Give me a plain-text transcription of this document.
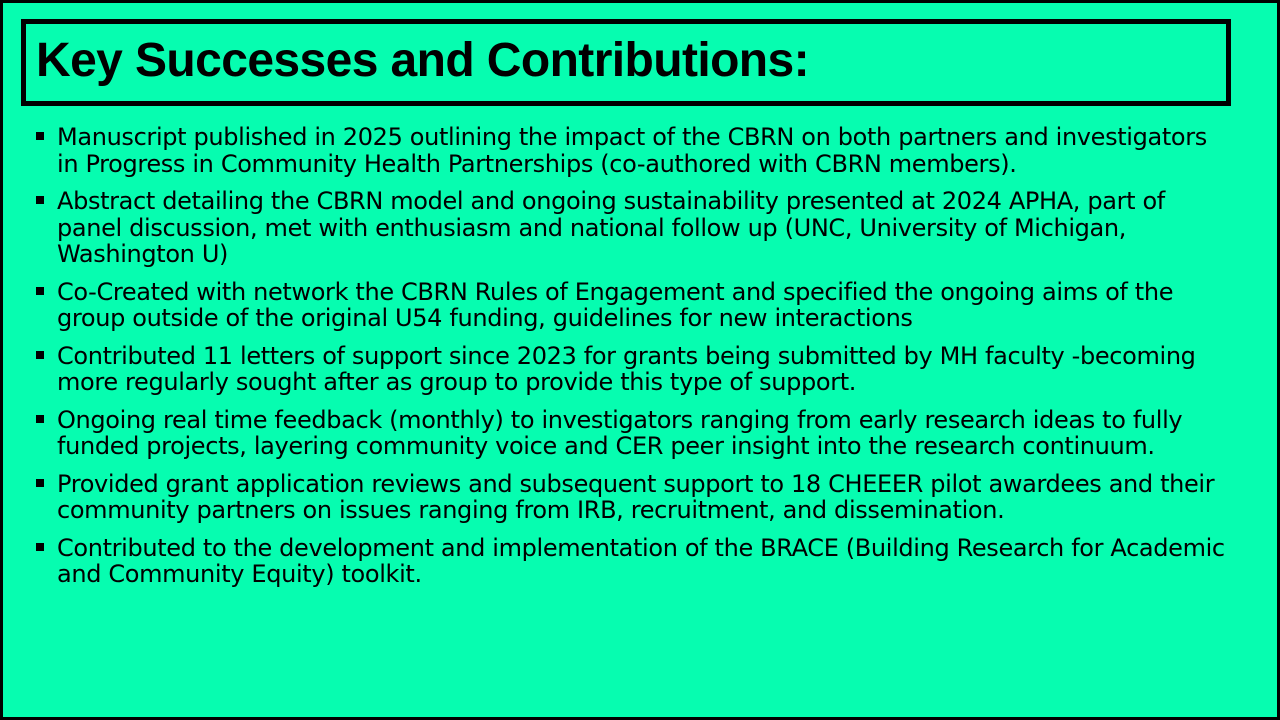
Key Successes and Contributions:
Manuscript published in 2025 outlining the impact of the CBRN on both partners and investigators in Progress in Community Health Partnerships (co-authored with CBRN members).
Abstract detailing the CBRN model and ongoing sustainability presented at 2024 APHA, part of panel discussion, met with enthusiasm and national follow up (UNC, University of Michigan, Washington U)
Co-Created with network the CBRN Rules of Engagement and specified the ongoing aims of the group outside of the original U54 funding, guidelines for new interactions
Contributed 11 letters of support since 2023 for grants being submitted by MH faculty -becoming more regularly sought after as group to provide this type of support.
Ongoing real time feedback (monthly) to investigators ranging from early research ideas to fully funded projects, layering community voice and CER peer insight into the research continuum.
Provided grant application reviews and subsequent support to 18 CHEEER pilot awardees and their community partners on issues ranging from IRB, recruitment, and dissemination.
Contributed to the development and implementation of the BRACE (Building Research for Academic and Community Equity) toolkit.
